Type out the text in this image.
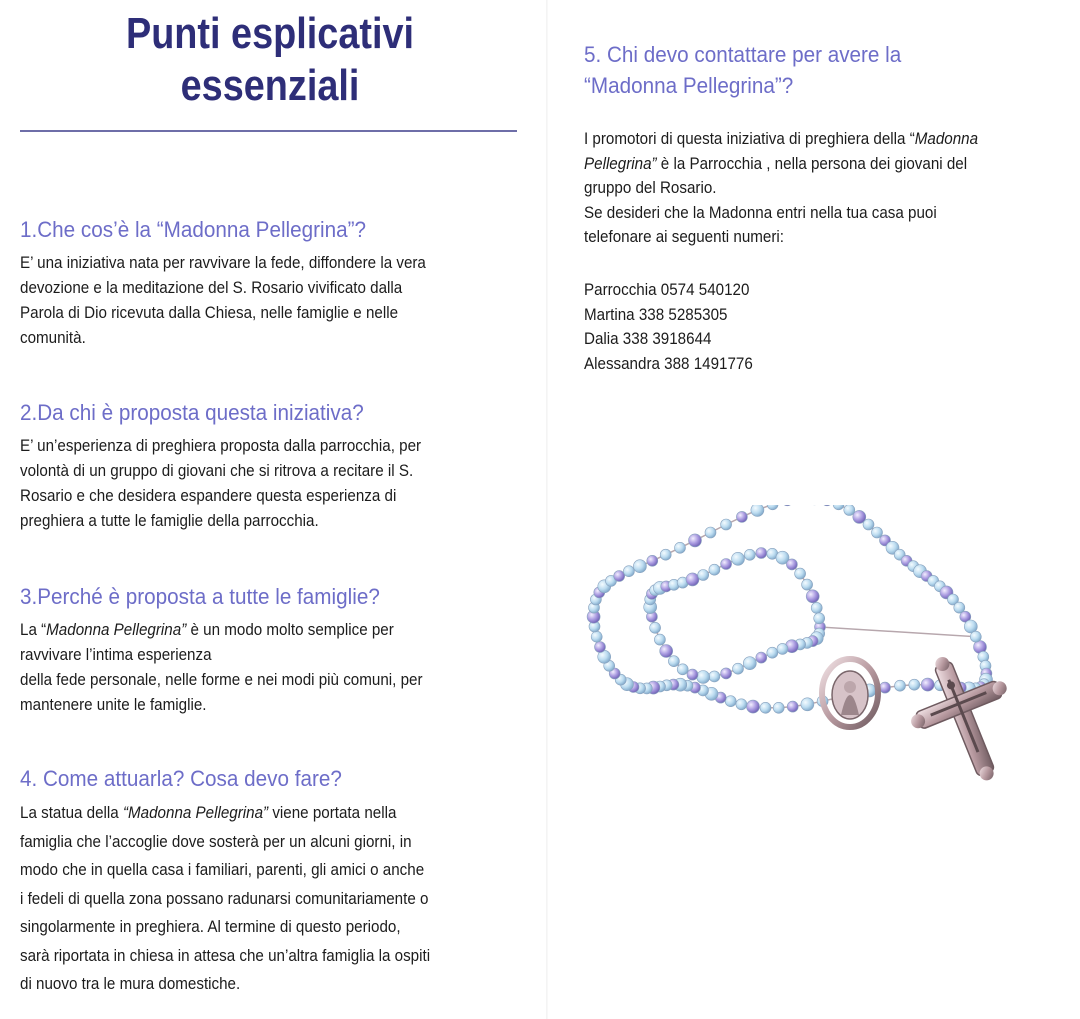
Punti esplicativi
essenziali
1.Che cos’è la “Madonna Pellegrina”?
E’ una iniziativa nata per ravvivare la fede, diffondere la vera
devozione e la meditazione del S. Rosario vivificato dalla
Parola di Dio ricevuta dalla Chiesa, nelle famiglie e nelle
comunità.
2.Da chi è proposta questa iniziativa?
E’ un’esperienza di preghiera proposta dalla parrocchia, per
volontà di un gruppo di giovani che si ritrova a recitare il S.
Rosario e che desidera espandere questa esperienza di
preghiera a tutte le famiglie della parrocchia.
3.Perché è proposta a tutte le famiglie?
La “Madonna Pellegrina” è un modo molto semplice per
ravvivare l’intima esperienza
della fede personale, nelle forme e nei modi più comuni, per
mantenere unite le famiglie.
4. Come attuarla? Cosa devo fare?
La statua della “Madonna Pellegrina” viene portata nella
famiglia che l’accoglie dove sosterà per un alcuni giorni, in
modo che in quella casa i familiari, parenti, gli amici o anche
i fedeli di quella zona possano radunarsi comunitariamente o
singolarmente in preghiera. Al termine di questo periodo,
sarà riportata in chiesa in attesa che un’altra famiglia la ospiti
di nuovo tra le mura domestiche.
5. Chi devo contattare per avere la
“Madonna Pellegrina”?
I promotori di questa iniziativa di preghiera della “Madonna
Pellegrina” è la Parrocchia , nella persona dei giovani del
gruppo del Rosario.
Se desideri che la Madonna entri nella tua casa puoi
telefonare ai seguenti numeri:
Parrocchia 0574 540120
Martina 338 5285305
Dalia 338 3918644
Alessandra 388 1491776
